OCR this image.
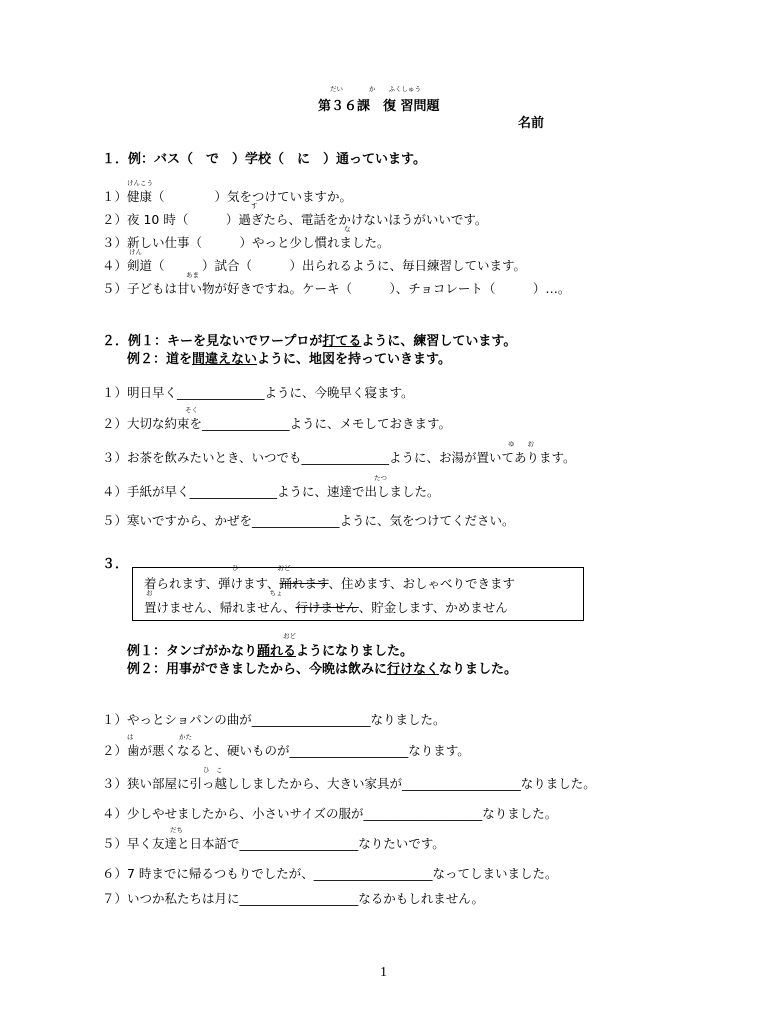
だい　　　　か　　ふくしゅう
第３６課　復 習問題
名前
１．例：バス（　で　）学校（　に　）通っています。
けんこう
１） 健康（　　　　）気をつけていますか。
す
２） 夜 10 時（　　　）過ぎたら、電話をかけないほうがいいです。
な
３） 新しい仕事（　　　）やっと少し慣れました。
けん
４） 剣道（　　　）試合（　　　）出られるように、毎日練習しています。
あま
５） 子どもは甘い物が好きですね。ケーキ（　　　）、チョコレート（　　　）…。
２．例１：キーを見ないでワープロが打てるように、練習しています。
例２：道を間違えないように、地図を持っていきます。
１） 明日早く______________ように、今晩早く寝ます。
そく
２） 大切な約束を______________ように、メモしておきます。
ゆ　　お
３） お茶を飲みたいとき、いつでも______________ように、お湯が置いてあります。
たつ
４） 手紙が早く______________ように、速達で出しました。
５） 寒いですから、かぜを______________ように、気をつけてください。
３．	ひ　　　　　　おど
着られます、弾けます、踊れます、住めます、おしゃべりできます
お　　　　　　　　　　　　　　　　　　ちょ
置けません、帰れません、行けません、貯金します、かめません
おど
例１：タンゴがかなり踊れるようになりました。
例２：用事ができましたから、今晩は飲みに行けなくなりました。
１） やっとショパンの曲が___________________なりました。
は　　　　　　　かた
２） 歯が悪くなると、硬いものが___________________なります。
ひ　こ
３） 狭い部屋に引っ越ししましたから、大きい家具が___________________なりました。
４） 少しやせましたから、小さいサイズの服が___________________なりました。
だち
５） 早く友達と日本語で___________________なりたいです。
６） 7 時までに帰るつもりでしたが、___________________なってしまいました。
７） いつか私たちは月に___________________なるかもしれません。
1
